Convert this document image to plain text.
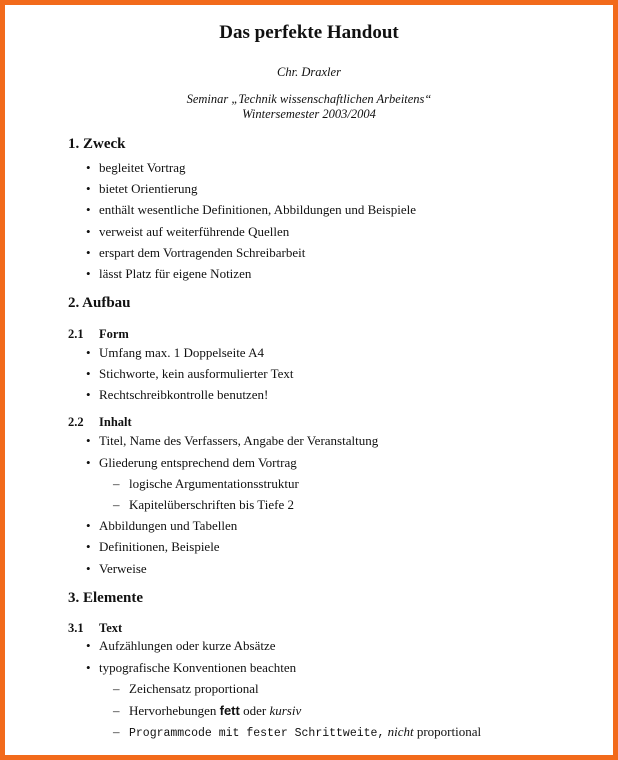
Das perfekte Handout
Chr. Draxler
Seminar „Technik wissenschaftlichen Arbeitens“
Wintersemester 2003/2004
1. Zweck
• begleitet Vortrag
• bietet Orientierung
• enthält wesentliche Definitionen, Abbildungen und Beispiele
• verweist auf weiterführende Quellen
• erspart dem Vortragenden Schreibarbeit
• lässt Platz für eigene Notizen
2. Aufbau
2.1 Form
• Umfang max. 1 Doppelseite A4
• Stichworte, kein ausformulierter Text
• Rechtschreibkontrolle benutzen!
2.2 Inhalt
• Titel, Name des Verfassers, Angabe der Veranstaltung
• Gliederung entsprechend dem Vortrag
– logische Argumentationsstruktur
– Kapitelüberschriften bis Tiefe 2
• Abbildungen und Tabellen
• Definitionen, Beispiele
• Verweise
3. Elemente
3.1 Text
• Aufzählungen oder kurze Absätze
• typografische Konventionen beachten
– Zeichensatz proportional
– Hervorhebungen fett oder kursiv
– Programmcode mit fester Schrittweite, nicht proportional
